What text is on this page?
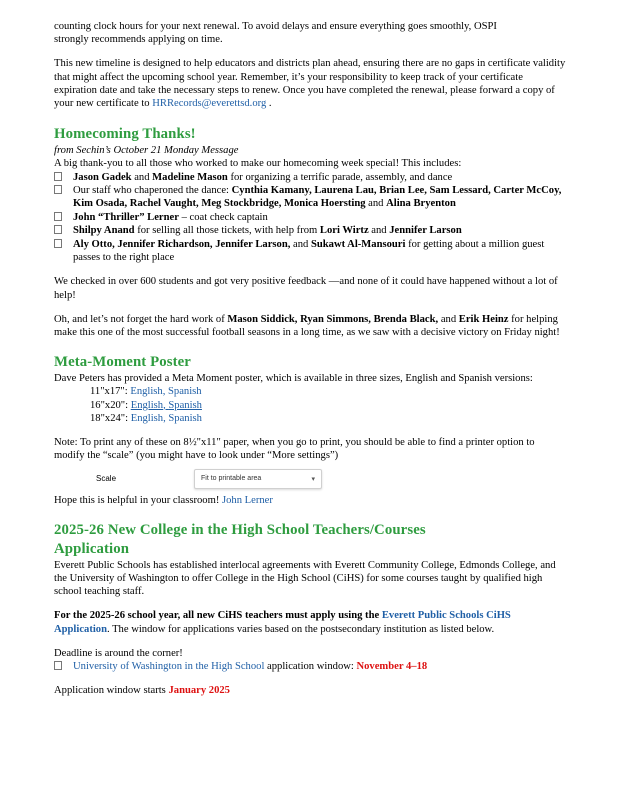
counting clock hours for your next renewal. To avoid delays and ensure everything goes smoothly, OSPI

strongly recommends applying on time.

This new timeline is designed to help educators and districts plan ahead, ensuring there are no gaps in certificate validity that might affect the upcoming school year. Remember, it’s your responsibility to keep track of your certificate expiration date and take the necessary steps to renew. Once you have completed the renewal, please forward a copy of your new certificate to HRRecords@everettsd.org .

Homecoming Thanks!

from Sechin’s October 21 Monday Message

A big thank-you to all those who worked to make our homecoming week special! This includes:

Jason Gadek and Madeline Mason for organizing a terrific parade, assembly, and dance
Our staff who chaperoned the dance: Cynthia Kamany, Laurena Lau, Brian Lee, Sam Lessard, Carter McCoy, Kim Osada, Rachel Vaught, Meg Stockbridge, Monica Hoersting and Alina Bryenton
John “Thriller” Lerner – coat check captain
Shilpy Anand for selling all those tickets, with help from Lori Wirtz and Jennifer Larson
Aly Otto, Jennifer Richardson, Jennifer Larson, and Sukawt Al-Mansouri for getting about a million guest passes to the right place

We checked in over 600 students and got very positive feedback —and none of it could have happened without a lot of help!

Oh, and let’s not forget the hard work of Mason Siddick, Ryan Simmons, Brenda Black, and Erik Heinz for helping make this one of the most successful football seasons in a long time, as we saw with a decisive victory on Friday night!

Meta-Moment Poster

Dave Peters has provided a Meta Moment poster, which is available in three sizes, English and Spanish versions:

11"x17": English, Spanish
16"x20": English, Spanish
18"x24": English, Spanish

Note: To print any of these on 8½"x11" paper, when you go to print, you should be able to find a printer option to modify the “scale” (you might have to look under “More settings”)

Scale	Fit to printable area	▾

Hope this is helpful in your classroom! John Lerner

2025-26 New College in the High School Teachers/Courses Application

Everett Public Schools has established interlocal agreements with Everett Community College, Edmonds College, and the University of Washington to offer College in the High School (CiHS) for some courses taught by qualified high school teaching staff.

For the 2025-26 school year, all new CiHS teachers must apply using the Everett Public Schools CiHS Application. The window for applications varies based on the postsecondary institution as listed below.

Deadline is around the corner!

University of Washington in the High School application window: November 4–18

Application window starts January 2025
